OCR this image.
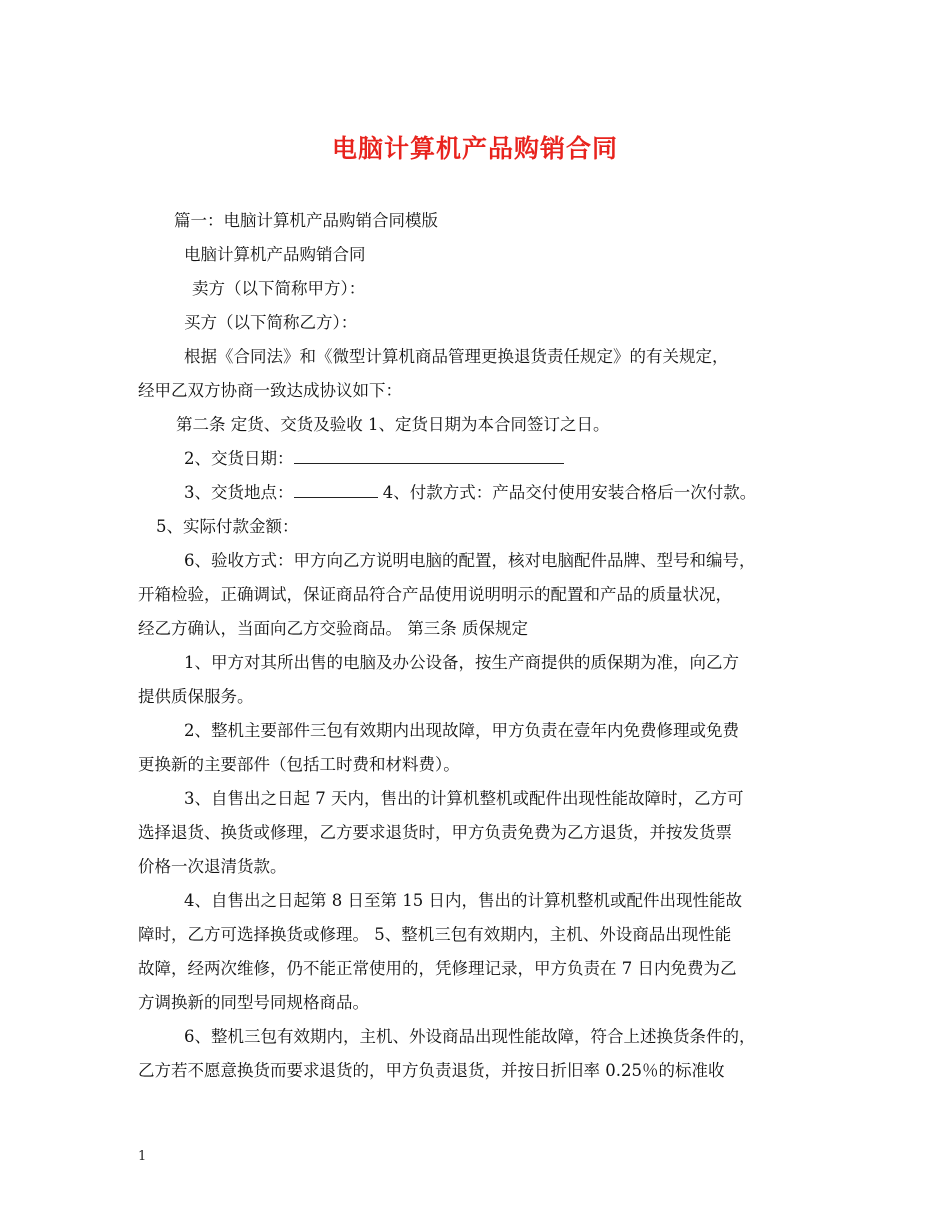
电脑计算机产品购销合同
篇一：电脑计算机产品购销合同模版
电脑计算机产品购销合同
卖方（以下简称甲方）：
买方（以下简称乙方）：
根据《合同法》和《微型计算机商品管理更换退货责任规定》的有关规定，
经甲乙双方协商一致达成协议如下：
第二条 定货、交货及验收 1、定货日期为本合同签订之日。
2、交货日期：
3、交货地点：	4、付款方式：产品交付使用安装合格后一次付款。
5、实际付款金额：
6、验收方式：甲方向乙方说明电脑的配置，核对电脑配件品牌、型号和编号，
开箱检验，正确调试，保证商品符合产品使用说明明示的配置和产品的质量状况，
经乙方确认，当面向乙方交验商品。 第三条 质保规定
1、甲方对其所出售的电脑及办公设备，按生产商提供的质保期为准，向乙方
提供质保服务。
2、整机主要部件三包有效期内出现故障，甲方负责在壹年内免费修理或免费
更换新的主要部件（包括工时费和材料费）。
3、自售出之日起 7 天内，售出的计算机整机或配件出现性能故障时，乙方可
选择退货、换货或修理，乙方要求退货时，甲方负责免费为乙方退货，并按发货票
价格一次退清货款。
4、自售出之日起第 8 日至第 15 日内，售出的计算机整机或配件出现性能故
障时，乙方可选择换货或修理。 5、整机三包有效期内，主机、外设商品出现性能
故障，经两次维修，仍不能正常使用的，凭修理记录，甲方负责在 7 日内免费为乙
方调换新的同型号同规格商品。
6、整机三包有效期内，主机、外设商品出现性能故障，符合上述换货条件的，
乙方若不愿意换货而要求退货的，甲方负责退货，并按日折旧率 0.25％的标准收
1
